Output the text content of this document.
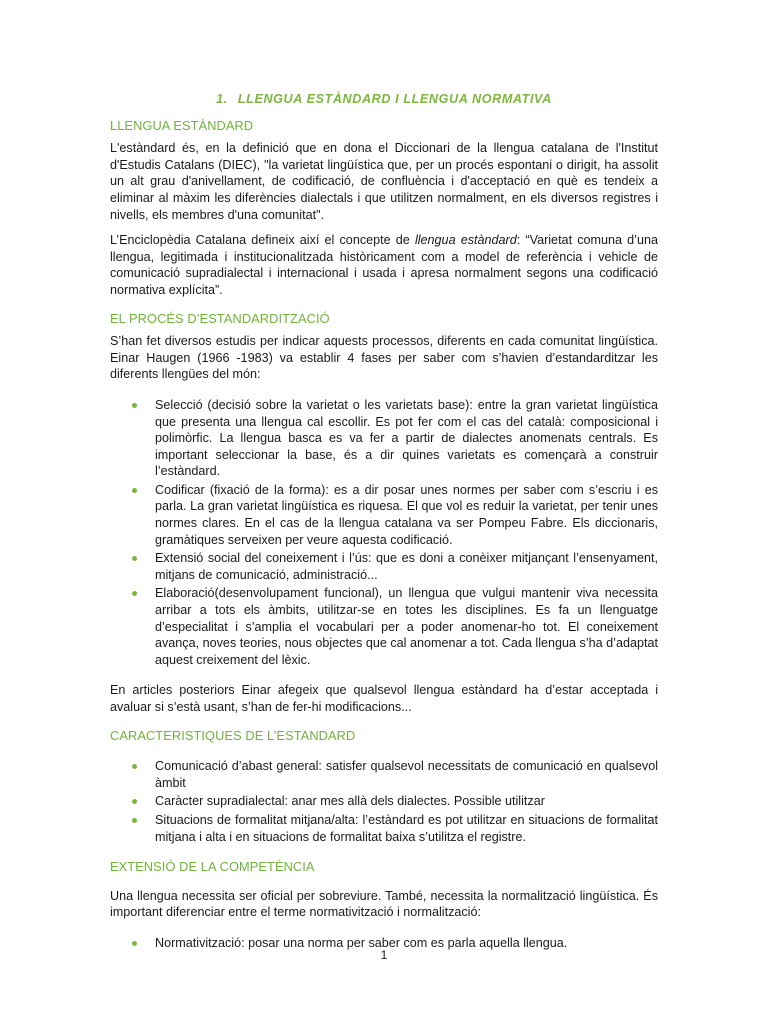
1. LLENGUA ESTÀNDARD I LLENGUA NORMATIVA
LLENGUA ESTÀNDARD

L'estàndard és, en la definició que en dona el Diccionari de la llengua catalana de l'Institut d'Estudis Catalans (DIEC), "la varietat lingüística que, per un procés espontani o dirigit, ha assolit un alt grau d'anivellament, de codificació, de confluència i d'acceptació en què es tendeix a eliminar al màxim les diferències dialectals i que utilitzen normalment, en els diversos registres i nivells, els membres d'una comunitat".

L’Enciclopèdia Catalana defineix així el concepte de llengua estàndard: “Varietat comuna d’una llengua, legitimada i institucionalitzada històricament com a model de referència i vehicle de comunicació supradialectal i internacional i usada i apresa normalment segons una codificació normativa explícita”.

EL PROCÉS D’ESTANDARDITZACIÓ

S’han fet diversos estudis per indicar aquests processos, diferents en cada comunitat lingüística. Einar Haugen (1966 -1983) va establir 4 fases per saber com s’havien d’estandarditzar les diferents llengües del món:

Selecció (decisió sobre la varietat o les varietats base): entre la gran varietat lingüística que presenta una llengua cal escollir. Es pot fer com el cas del català: composicional i polimòrfic. La llengua basca es va fer a partir de dialectes anomenats centrals. Es important seleccionar la base, és a dir quines varietats es començarà a construir l’estàndard.
Codificar (fixació de la forma): es a dir posar unes normes per saber com s’escriu i es parla. La gran varietat lingüística es riquesa. El que vol es reduir la varietat, per tenir unes normes clares. En el cas de la llengua catalana va ser Pompeu Fabre. Els diccionaris, gramàtiques serveixen per veure aquesta codificació.
Extensió social del coneixement i l’ús: que es doni a conèixer mitjançant l’ensenyament, mitjans de comunicació, administració...
Elaboració(desenvolupament funcional), un llengua que vulgui mantenir viva necessita arribar a tots els àmbits, utilitzar-se en totes les disciplines. Es fa un llenguatge d’especialitat i s’amplia el vocabulari per a poder anomenar-ho tot. El coneixement avança, noves teories, nous objectes que cal anomenar a tot. Cada llengua s’ha d’adaptat aquest creixement del lèxic.

En articles posteriors Einar afegeix que qualsevol llengua estàndard ha d’estar acceptada i avaluar si s’està usant, s’han de fer-hi modificacions...

CARACTERISTIQUES DE L’ESTANDARD
Comunicació d’abast general: satisfer qualsevol necessitats de comunicació en qualsevol àmbit
Caràcter supradialectal: anar mes allà dels dialectes. Possible utilitzar
Situacions de formalitat mitjana/alta: l’estàndard es pot utilitzar en situacions de formalitat mitjana i alta i en situacions de formalitat baixa s’utilitza el registre.
EXTENSIÓ DE LA COMPETÈNCIA

Una llengua necessita ser oficial per sobreviure. També, necessita la normalització lingüística. És important diferenciar entre el terme normativització i normalització:

Normativització: posar una norma per saber com es parla aquella llengua.
1
